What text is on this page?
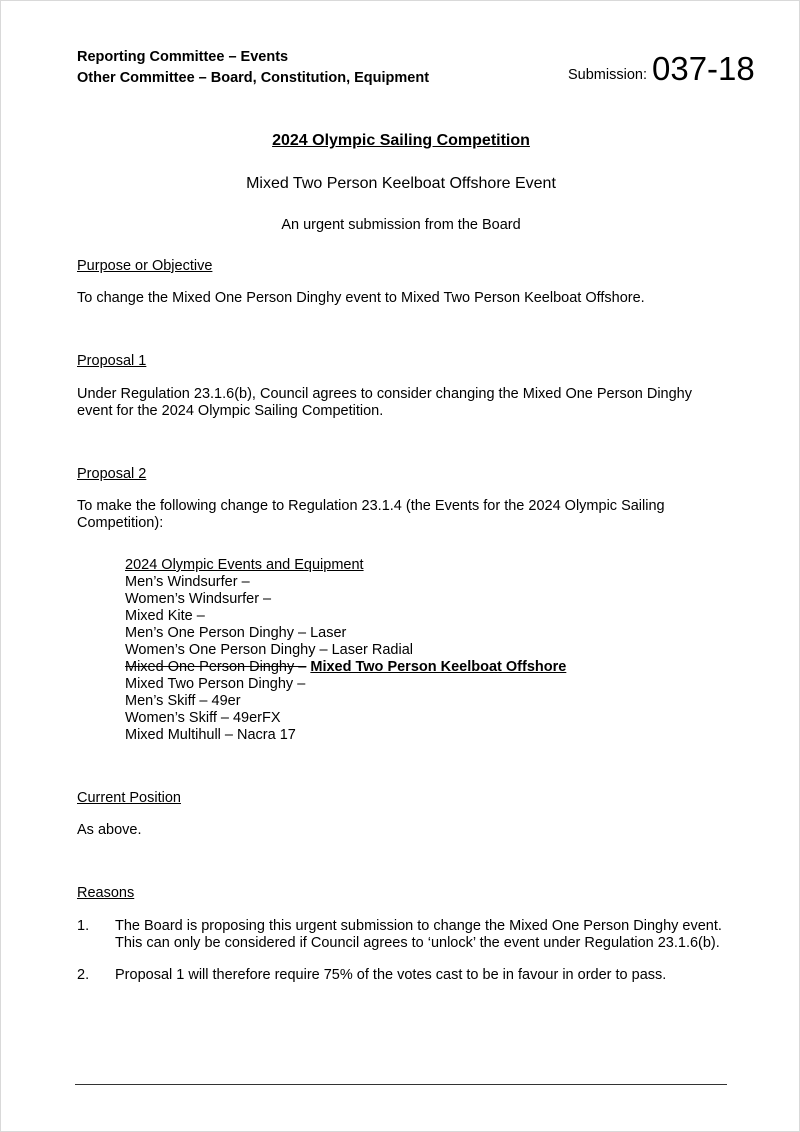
Reporting Committee – Events
Other Committee – Board, Constitution, Equipment	Submission: 037-18
2024 Olympic Sailing Competition
Mixed Two Person Keelboat Offshore Event
An urgent submission from the Board
Purpose or Objective
To change the Mixed One Person Dinghy event to Mixed Two Person Keelboat Offshore.
Proposal 1
Under Regulation 23.1.6(b), Council agrees to consider changing the Mixed One Person Dinghy event for the 2024 Olympic Sailing Competition.
Proposal 2
To make the following change to Regulation 23.1.4 (the Events for the 2024 Olympic Sailing Competition):
2024 Olympic Events and Equipment
Men’s Windsurfer –
Women’s Windsurfer –
Mixed Kite –
Men’s One Person Dinghy – Laser
Women’s One Person Dinghy – Laser Radial
Mixed One Person Dinghy – Mixed Two Person Keelboat Offshore
Mixed Two Person Dinghy –
Men’s Skiff – 49er
Women’s Skiff – 49erFX
Mixed Multihull – Nacra 17
Current Position
As above.
Reasons
1. The Board is proposing this urgent submission to change the Mixed One Person Dinghy event. This can only be considered if Council agrees to ‘unlock’ the event under Regulation 23.1.6(b).
2. Proposal 1 will therefore require 75% of the votes cast to be in favour in order to pass.
